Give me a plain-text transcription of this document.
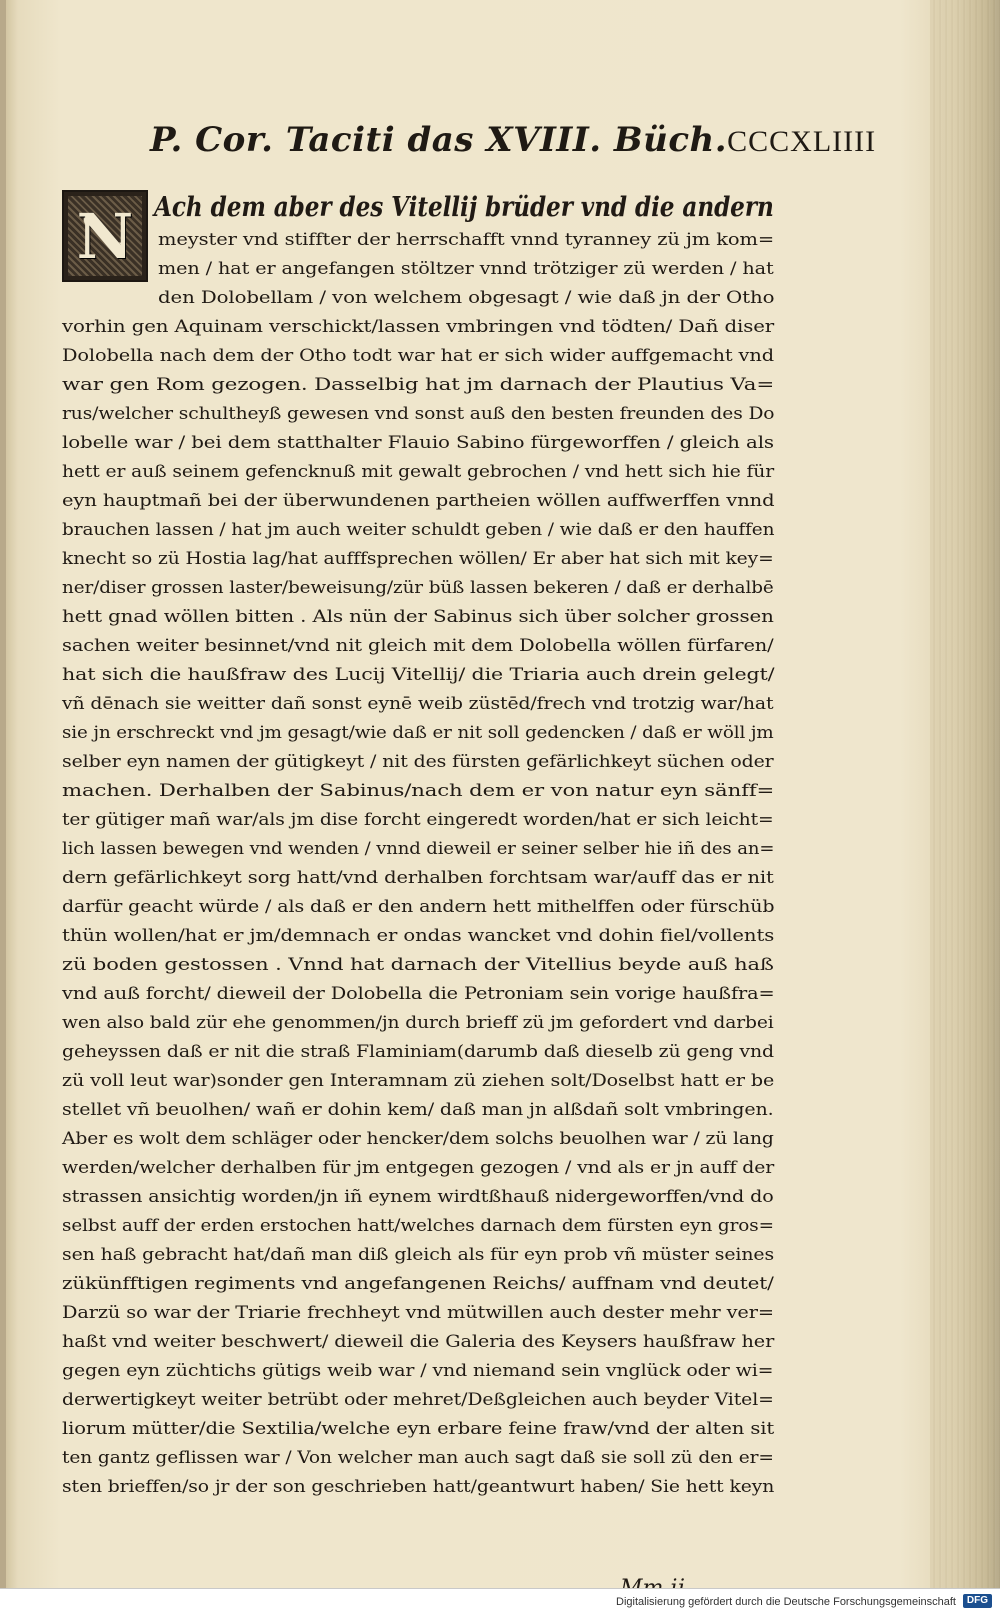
P. Cor. Taciti das XVIII. Büch. CCCXLIIII
N Ach dem aber des Vitellij brüder vnd die andern
meyster vnd stiffter der herrschafft vnnd tyranney zü jm kom=
men / hat er angefangen stöltzer vnnd trötziger zü werden / hat
den Dolobellam / von welchem obgesagt / wie daß jn der Otho
vorhin gen Aquinam verschickt/lassen vmbringen vnd tödten/ Dañ diser
Dolobella nach dem der Otho todt war hat er sich wider auffgemacht vnd
war gen Rom gezogen. Dasselbig hat jm darnach der Plautius Va=
rus/welcher schultheyß gewesen vnd sonst auß den besten freunden des Do
lobelle war / bei dem statthalter Flauio Sabino fürgeworffen / gleich als
hett er auß seinem gefencknuß mit gewalt gebrochen / vnd hett sich hie für
eyn hauptmañ bei der überwundenen partheien wöllen auffwerffen vnnd
brauchen lassen / hat jm auch weiter schuldt geben / wie daß er den hauffen
knecht so zü Hostia lag/hat aufffsprechen wöllen/ Er aber hat sich mit key=
ner/diser grossen laster/beweisung/zür büß lassen bekeren / daß er derhalbē
hett gnad wöllen bitten . Als nün der Sabinus sich über solcher grossen
sachen weiter besinnet/vnd nit gleich mit dem Dolobella wöllen fürfaren/
hat sich die haußfraw des Lucij Vitellij/ die Triaria auch drein gelegt/
vñ dēnach sie weitter dañ sonst eynē weib züstēd/frech vnd trotzig war/hat
sie jn erschreckt vnd jm gesagt/wie daß er nit soll gedencken / daß er wöll jm
selber eyn namen der gütigkeyt / nit des fürsten gefärlichkeyt süchen oder
machen. Derhalben der Sabinus/nach dem er von natur eyn sänff=
ter gütiger mañ war/als jm dise forcht eingeredt worden/hat er sich leicht=
lich lassen bewegen vnd wenden / vnnd dieweil er seiner selber hie iñ des an=
dern gefärlichkeyt sorg hatt/vnd derhalben forchtsam war/auff das er nit
darfür geacht würde / als daß er den andern hett mithelffen oder fürschüb
thün wollen/hat er jm/demnach er ondas wancket vnd dohin fiel/vollents
zü boden gestossen . Vnnd hat darnach der Vitellius beyde auß haß
vnd auß forcht/ dieweil der Dolobella die Petroniam sein vorige haußfra=
wen also bald zür ehe genommen/jn durch brieff zü jm gefordert vnd darbei
geheyssen daß er nit die straß Flaminiam(darumb daß dieselb zü geng vnd
zü voll leut war)sonder gen Interamnam zü ziehen solt/Doselbst hatt er be
stellet vñ beuolhen/ wañ er dohin kem/ daß man jn alßdañ solt vmbringen.
Aber es wolt dem schläger oder hencker/dem solchs beuolhen war / zü lang
werden/welcher derhalben für jm entgegen gezogen / vnd als er jn auff der
strassen ansichtig worden/jn iñ eynem wirdtßhauß nidergeworffen/vnd do
selbst auff der erden erstochen hatt/welches darnach dem fürsten eyn gros=
sen haß gebracht hat/dañ man diß gleich als für eyn prob vñ müster seines
zükünfftigen regiments vnd angefangenen Reichs/ auffnam vnd deutet/
Darzü so war der Triarie frechheyt vnd mütwillen auch dester mehr ver=
haßt vnd weiter beschwert/ dieweil die Galeria des Keysers haußfraw her
gegen eyn züchtichs gütigs weib war / vnd niemand sein vnglück oder wi=
derwertigkeyt weiter betrübt oder mehret/Deßgleichen auch beyder Vitel=
liorum mütter/die Sextilia/welche eyn erbare feine fraw/vnd der alten sit
ten gantz geflissen war / Von welcher man auch sagt daß sie soll zü den er=
sten brieffen/so jr der son geschrieben hatt/geantwurt haben/ Sie hett keyn
Digitalisierung gefördert durch die Deutsche Forschungsgemeinschaft	DFG
